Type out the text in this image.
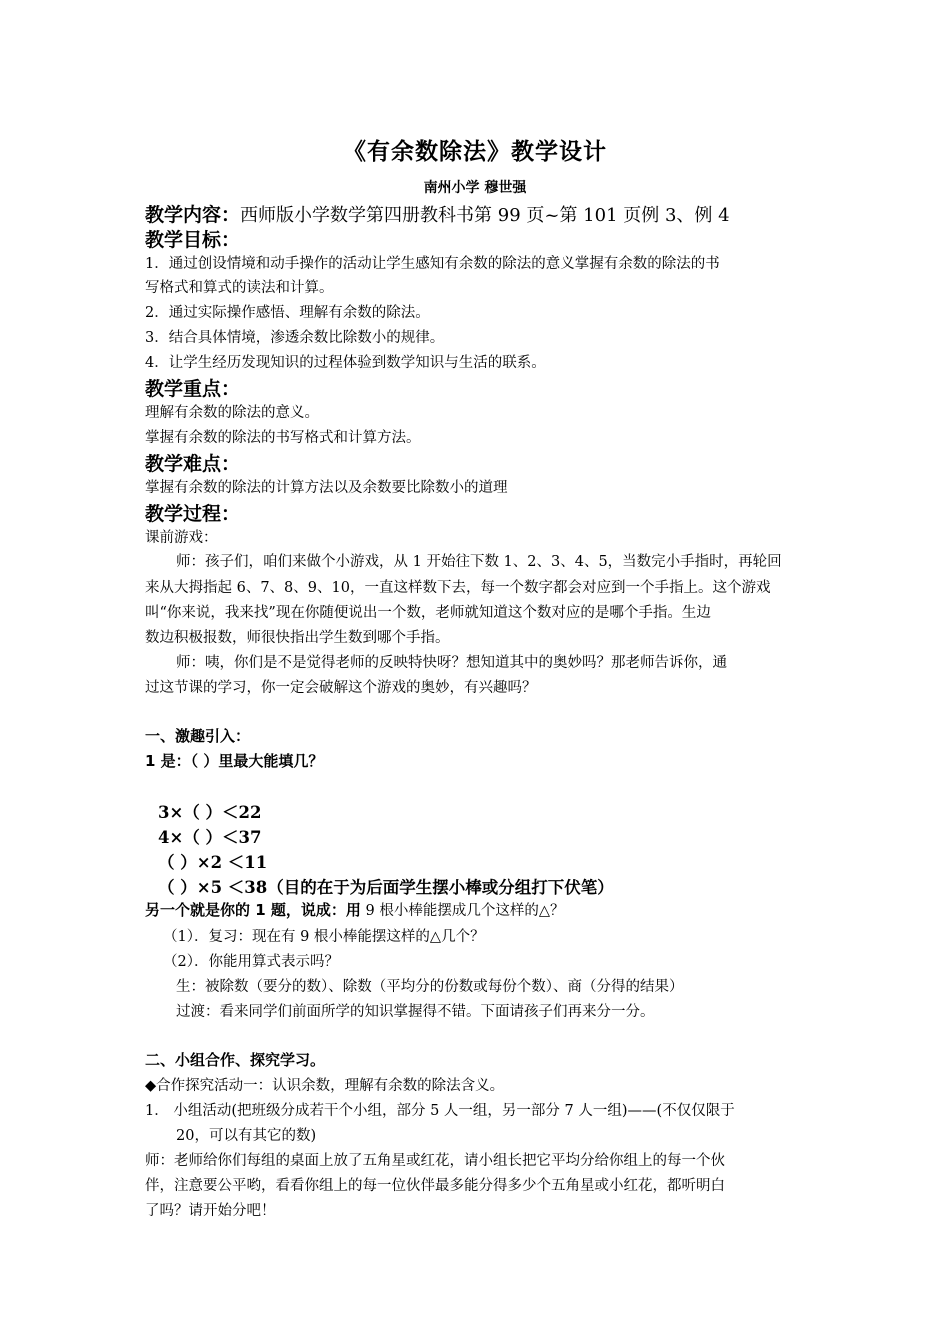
《有余数除法》教学设计
南州小学 穆世强
教学内容：西师版小学数学第四册教科书第 99 页~第 101 页例 3、例 4
教学目标：
1．通过创设情境和动手操作的活动让学生感知有余数的除法的意义掌握有余数的除法的书
写格式和算式的读法和计算。
2．通过实际操作感悟、理解有余数的除法。
3．结合具体情境，渗透余数比除数小的规律。
4．让学生经历发现知识的过程体验到数学知识与生活的联系。
教学重点：
理解有余数的除法的意义。
掌握有余数的除法的书写格式和计算方法。
教学难点：
掌握有余数的除法的计算方法以及余数要比除数小的道理
教学过程：
课前游戏：
师：孩子们，咱们来做个小游戏，从 1 开始往下数 1、2、3、4、5，当数完小手指时，再轮回
来从大拇指起 6、7、8、9、10，一直这样数下去，每一个数字都会对应到一个手指上。这个游戏
叫“你来说，我来找”现在你随便说出一个数，老师就知道这个数对应的是哪个手指。生边
数边积极报数，师很快指出学生数到哪个手指。
师：咦，你们是不是觉得老师的反映特快呀？想知道其中的奥妙吗？那老师告诉你，通
过这节课的学习，你一定会破解这个游戏的奥妙，有兴趣吗？
一、激趣引入：
1 是：（ ）里最大能填几？
3×（ ）＜22
4×（ ）＜37
（ ）×2 ＜11
（ ）×5 ＜38（目的在于为后面学生摆小棒或分组打下伏笔）
另一个就是你的 1 题，说成：用 9 根小棒能摆成几个这样的△？
（1）．复习：现在有 9 根小棒能摆这样的△几个？
（2）．你能用算式表示吗？
生：被除数（要分的数）、除数（平均分的份数或每份个数）、商（分得的结果）
过渡：看来同学们前面所学的知识掌握得不错。下面请孩子们再来分一分。
二、小组合作、探究学习。
◆合作探究活动一：认识余数，理解有余数的除法含义。
1． 小组活动(把班级分成若干个小组，部分 5 人一组，另一部分 7 人一组)——(不仅仅限于
20，可以有其它的数)
师：老师给你们每组的桌面上放了五角星或红花，请小组长把它平均分给你组上的每一个伙
伴，注意要公平哟，看看你组上的每一位伙伴最多能分得多少个五角星或小红花，都听明白
了吗？请开始分吧！
